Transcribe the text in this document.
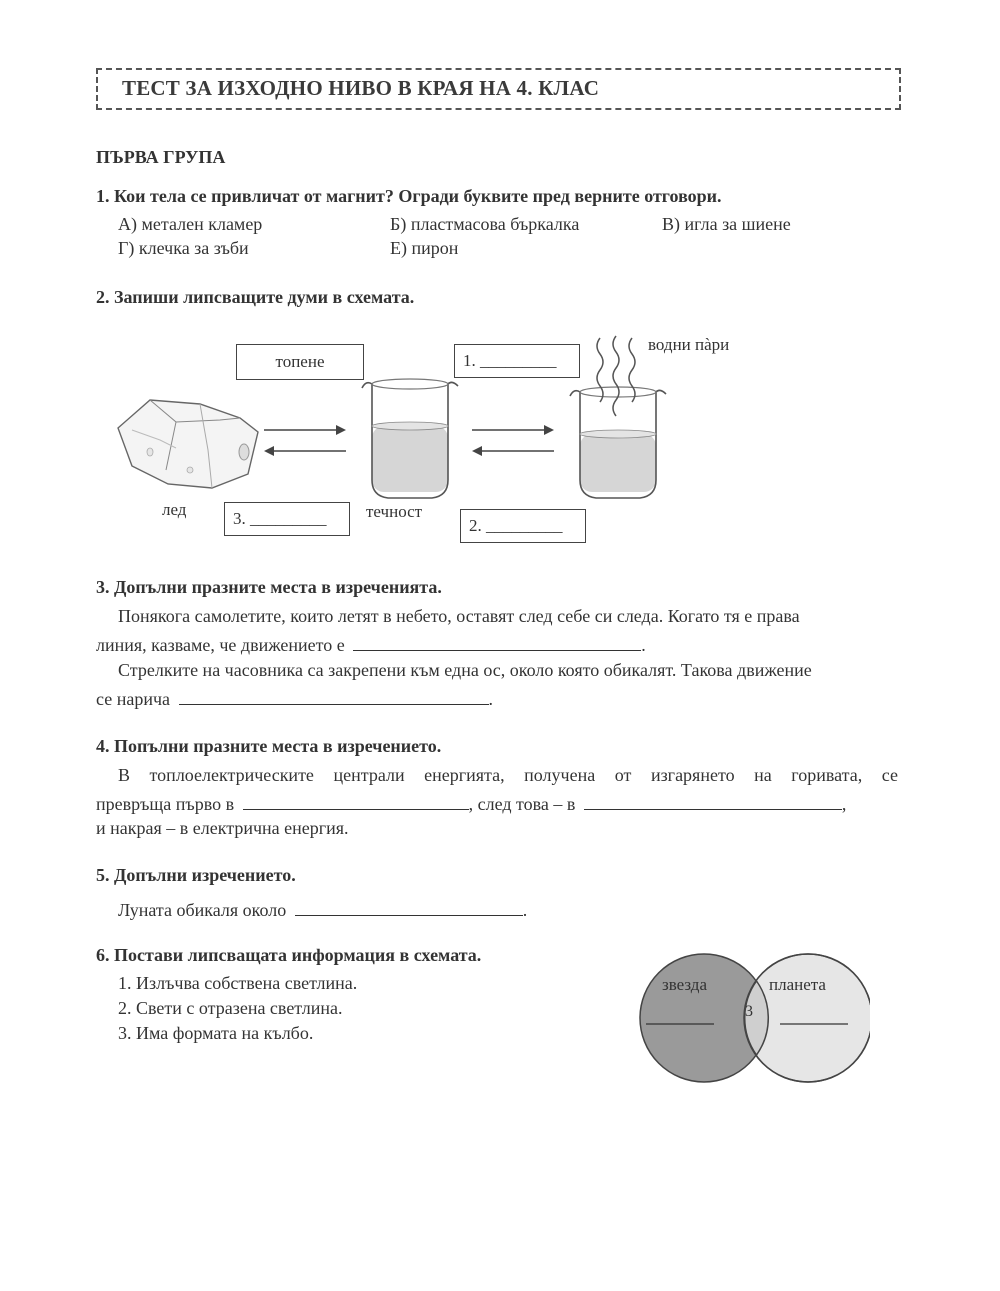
ТЕСТ ЗА ИЗХОДНО НИВО В КРАЯ НА 4. КЛАС
ПЪРВА ГРУПА
1. Кои тела се привличат от магнит? Огради буквите пред верните отговори.
А) метален кламер	Б) пластмасова бъркалка	В) игла за шиене
Г) клечка за зъби	Е) пирон
2. Запиши липсващите думи в схемата.
топене	1. _________
2. _________
3. _________
водни пàри
лед	течност
3. Допълни празните места в изреченията.
Понякога самолетите, които летят в небето, оставят след себе си следа. Когато тя е права
линия, казваме, че движението е	.
Стрелките на часовника са закрепени към една ос, около която обикалят. Такова движение
се нарича	.
4. Попълни празните места в изречението.
В топлоелектрическите централи енергията, получена от изгарянето на горивата, се
превръща първо в	, след това – в	,
и накрая – в електрична енергия.
5. Допълни изречението.
Луната обикаля около	.
6. Постави липсващата информация в схемата.
1. Излъчва собствена светлина.
2. Свети с отразена светлина.
3. Има формата на кълбо.
звезда	планета
3
